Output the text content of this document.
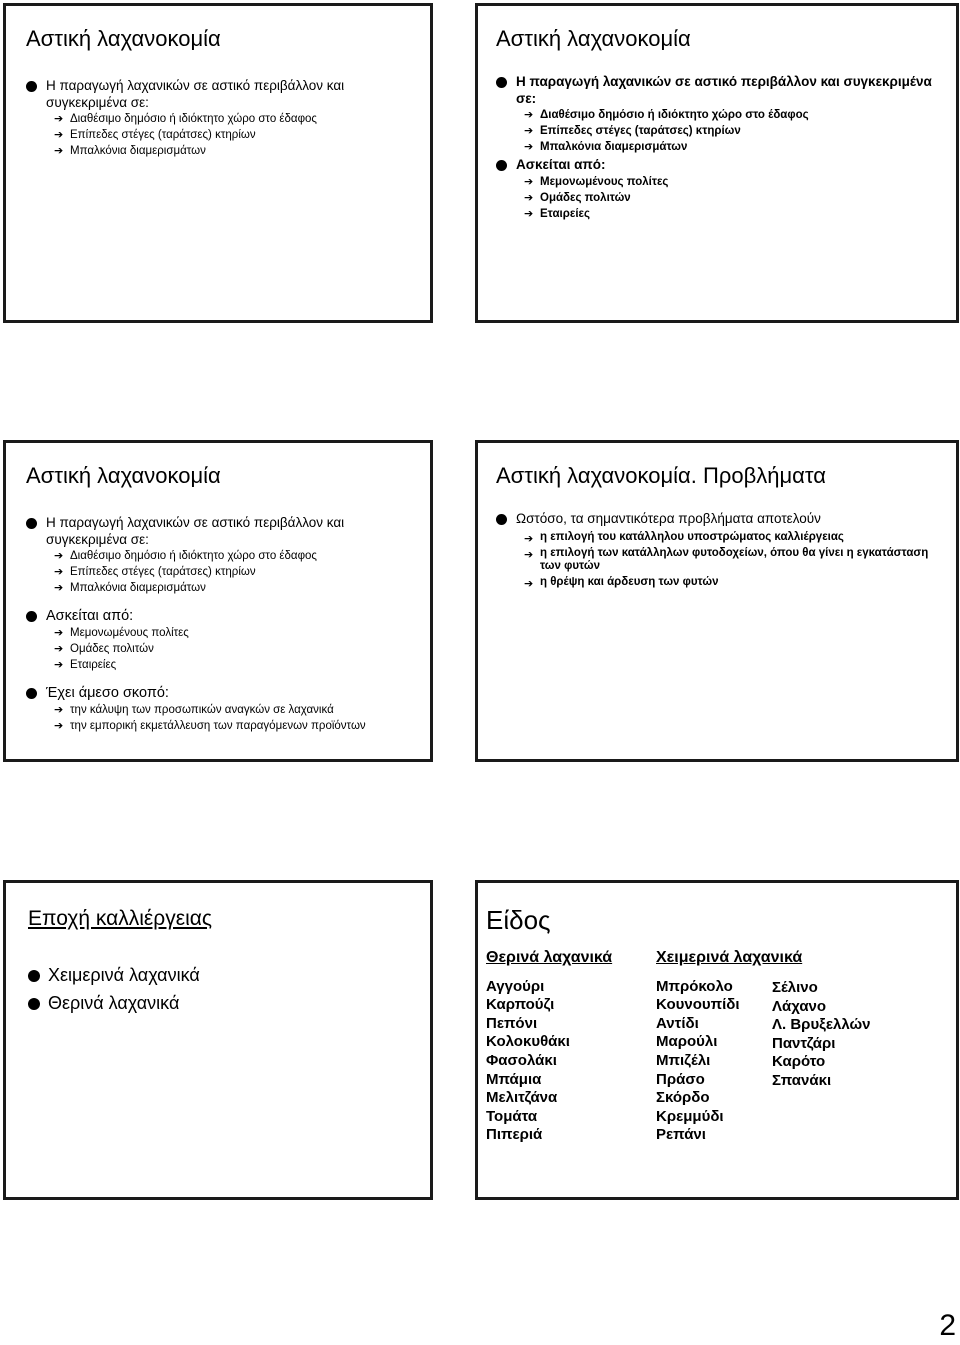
Αστική λαχανοκομία
Η παραγωγή λαχανικών σε αστικό περιβάλλον και συγκεκριμένα σε:
➔ Διαθέσιμο δημόσιο ή ιδιόκτητο χώρο στο έδαφος
➔ Επίπεδες στέγες (ταράτσες) κτηρίων
➔ Μπαλκόνια διαμερισμάτων
Αστική λαχανοκομία
Η παραγωγή λαχανικών σε αστικό περιβάλλον και συγκεκριμένα σε:
➔ Διαθέσιμο δημόσιο ή ιδιόκτητο χώρο στο έδαφος
➔ Επίπεδες στέγες (ταράτσες) κτηρίων
➔ Μπαλκόνια διαμερισμάτων
Ασκείται από:
➔ Μεμονωμένους πολίτες
➔ Ομάδες πολιτών
➔ Εταιρείες
Αστική λαχανοκομία
Η παραγωγή λαχανικών σε αστικό περιβάλλον και συγκεκριμένα σε:
➔ Διαθέσιμο δημόσιο ή ιδιόκτητο χώρο στο έδαφος
➔ Επίπεδες στέγες (ταράτσες) κτηρίων
➔ Μπαλκόνια διαμερισμάτων
Ασκείται από:
➔ Μεμονωμένους πολίτες
➔ Ομάδες πολιτών
➔ Εταιρείες
Έχει άμεσο σκοπό:
➔ την κάλυψη των προσωπικών αναγκών σε λαχανικά
➔ την εμπορική εκμετάλλευση των παραγόμενων προϊόντων
Αστική λαχανοκομία. Προβλήματα
Ωστόσο, τα σημαντικότερα προβλήματα αποτελούν
➔ η επιλογή του κατάλληλου υποστρώματος καλλιέργειας
➔ η επιλογή των κατάλληλων φυτοδοχείων, όπου θα γίνει η εγκατάσταση των φυτών
➔ η θρέψη και άρδευση των φυτών
Εποχή καλλιέργειας
Χειμερινά λαχανικά
Θερινά λαχανικά
Είδος
Θερινά λαχανικά
Αγγούρι
Καρπούζι
Πεπόνι
Κολοκυθάκι
Φασολάκι
Μπάμια
Μελιτζάνα
Τομάτα
Πιπεριά
Χειμερινά λαχανικά
Μπρόκολο
Κουνουπίδι
Αντίδι
Μαρούλι
Μπιζέλι
Πράσο
Σκόρδο
Κρεμμύδι
Ρεπάνι
Σέλινο
Λάχανο
Λ. Βρυξελλών
Παντζάρι
Καρότο
Σπανάκι
2
